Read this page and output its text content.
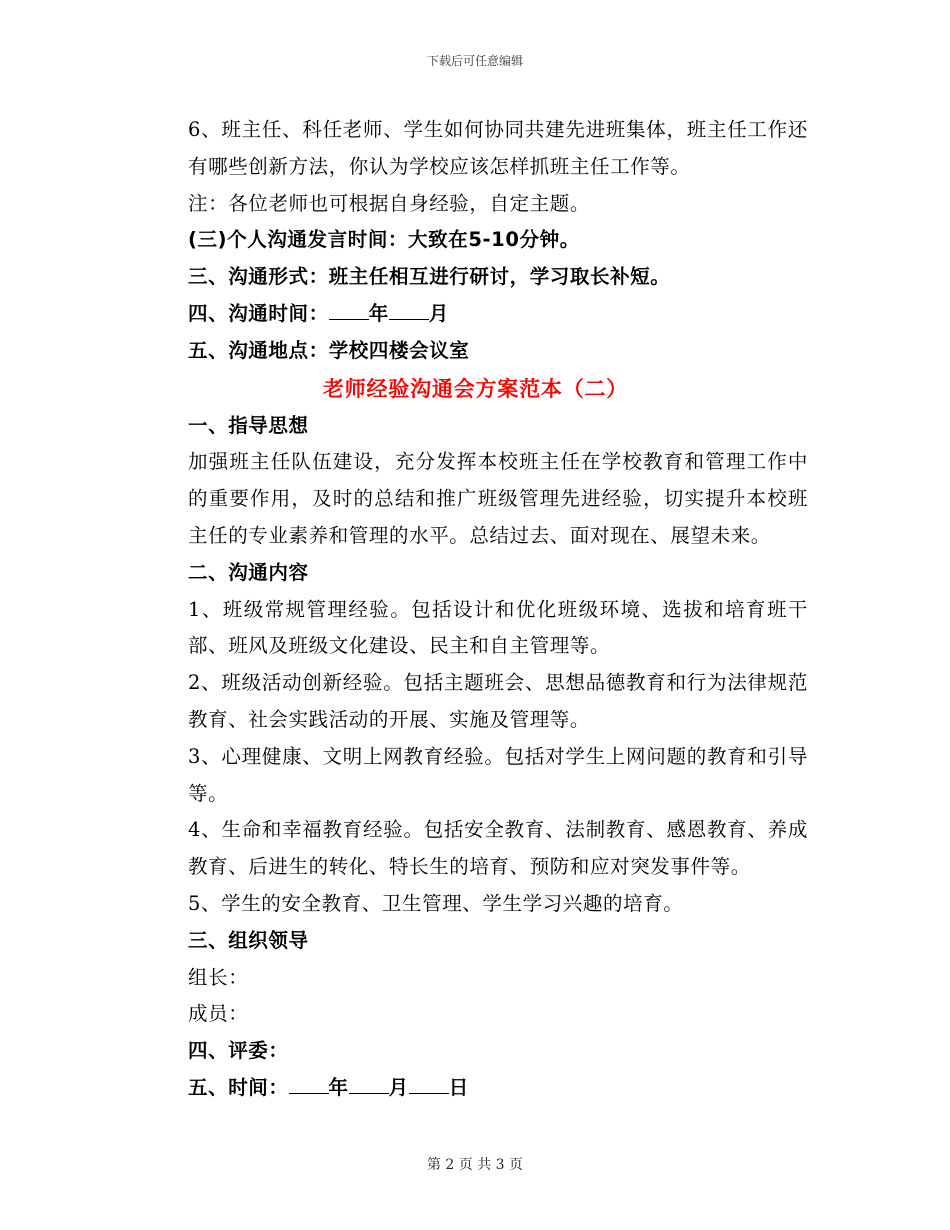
下载后可任意编辑

6、班主任、科任老师、学生如何协同共建先进班集体，班主任工作还有哪些创新方法，你认为学校应该怎样抓班主任工作等。

注：各位老师也可根据自身经验，自定主题。

(三)个人沟通发言时间：大致在5-10分钟。

三、沟通形式：班主任相互进行研讨，学习取长补短。

四、沟通时间： 年 月

五、沟通地点：学校四楼会议室

老师经验沟通会方案范本（二）

一、指导思想

加强班主任队伍建设，充分发挥本校班主任在学校教育和管理工作中的重要作用，及时的总结和推广班级管理先进经验，切实提升本校班主任的专业素养和管理的水平。总结过去、面对现在、展望未来。

二、沟通内容

1、班级常规管理经验。包括设计和优化班级环境、选拔和培育班干部、班风及班级文化建设、民主和自主管理等。

2、班级活动创新经验。包括主题班会、思想品德教育和行为法律规范教育、社会实践活动的开展、实施及管理等。

3、心理健康、文明上网教育经验。包括对学生上网问题的教育和引导等。

4、生命和幸福教育经验。包括安全教育、法制教育、感恩教育、养成教育、后进生的转化、特长生的培育、预防和应对突发事件等。

5、学生的安全教育、卫生管理、学生学习兴趣的培育。

三、组织领导

组长：

成员：

四、评委：

五、时间： 年 月 日

第 2 页 共 3 页
